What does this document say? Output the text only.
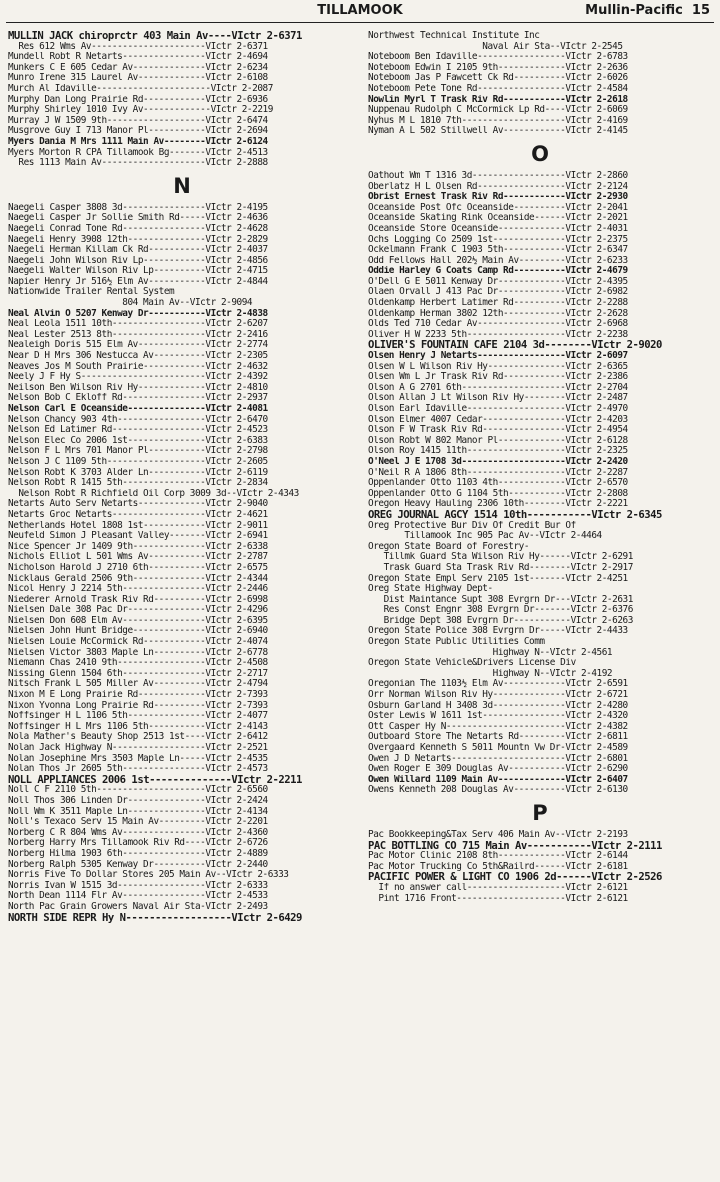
TILLAMOOK	Mullin-Pacific 15
MULLIN JACK chiroprctr 403 Main Av----VIctr 2-6371
Res 612 Wms Av----------------------VIctr 2-6371
Mundell Robt R Netarts----------------VIctr 2-4694
Munkers C E 605 Cedar Av--------------VIctr 2-6234
Munro Irene 315 Laurel Av-------------VIctr 2-6108
Murch Al Idaville----------------------VIctr 2-2087
Murphy Dan Long Prairie Rd------------VIctr 2-6936
Murphy Shirley 1010 Ivy Av-------------VIctr 2-2219
Murray J W 1509 9th-------------------VIctr 2-6474
Musgrove Guy I 713 Manor Pl-----------VIctr 2-2694
Myers Dania M Mrs 1111 Main Av--------VIctr 2-6124
Myers Morton R CPA Tillamook Bg-------VIctr 2-4513
Res 1113 Main Av--------------------VIctr 2-2888
N
Naegeli Casper 3808 3d----------------VIctr 2-4195
Naegeli Casper Jr Sollie Smith Rd-----VIctr 2-4636
Naegeli Conrad Tone Rd----------------VIctr 2-4628
Naegeli Henry 3908 12th---------------VIctr 2-2829
Naegeli Herman Killam Ck Rd-----------VIctr 2-4037
Naegeli John Wilson Riv Lp------------VIctr 2-4856
Naegeli Walter Wilson Riv Lp----------VIctr 2-4715
Napier Henry Jr 516½ Elm Av-----------VIctr 2-4844
Nationwide Trailer Rental System
804 Main Av--VIctr 2-9094
Neal Alvin O 5207 Kenway Dr-----------VIctr 2-4838
Neal Leola 1511 10th------------------VIctr 2-6207
Neal Lester 2513 8th------------------VIctr 2-2416
Nealeigh Doris 515 Elm Av-------------VIctr 2-2774
Near D H Mrs 306 Nestucca Av----------VIctr 2-2305
Neaves Jos M South Prairie------------VIctr 2-4632
Neely J F Hy S------------------------VIctr 2-4392
Neilson Ben Wilson Riv Hy-------------VIctr 2-4810
Nelson Bob C Ekloff Rd----------------VIctr 2-2937
Nelson Carl E Oceanside---------------VIctr 2-4081
Nelson Chancy 903 4th-----------------VIctr 2-6470
Nelson Ed Latimer Rd------------------VIctr 2-4523
Nelson Elec Co 2006 1st---------------VIctr 2-6383
Nelson F L Mrs 701 Manor Pl-----------VIctr 2-2798
Nelson J C 1109 5th-------------------VIctr 2-2605
Nelson Robt K 3703 Alder Ln-----------VIctr 2-6119
Nelson Robt R 1415 5th----------------VIctr 2-2834
Nelson Robt R Richfield Oil Corp 3009 3d--VIctr 2-4343
Netarts Auto Serv Netarts-------------VIctr 2-9040
Netarts Groc Netarts------------------VIctr 2-4621
Netherlands Hotel 1808 1st------------VIctr 2-9011
Neufeld Simon J Pleasant Valley-------VIctr 2-6941
Nice Spencer Jr 1409 9th--------------VIctr 2-6338
Nichols Elliot L 501 Wms Av-----------VIctr 2-2787
Nicholson Harold J 2710 6th-----------VIctr 2-6575
Nicklaus Gerald 2506 9th--------------VIctr 2-4344
Nicol Henry J 2214 5th----------------VIctr 2-2446
Niederer Arnold Trask Riv Rd----------VIctr 2-6998
Nielsen Dale 308 Pac Dr---------------VIctr 2-4296
Nielsen Don 608 Elm Av----------------VIctr 2-6395
Nielsen John Hunt Bridge--------------VIctr 2-6940
Nielsen Louie McCormick Rd------------VIctr 2-4074
Nielsen Victor 3803 Maple Ln----------VIctr 2-6778
Niemann Chas 2410 9th-----------------VIctr 2-4508
Nissing Glenn 1504 6th----------------VIctr 2-2717
Nitsch Frank L 505 Miller Av----------VIctr 2-4794
Nixon M E Long Prairie Rd-------------VIctr 2-7393
Nixon Yvonna Long Prairie Rd----------VIctr 2-7393
Noffsinger H L 1106 5th---------------VIctr 2-4077
Noffsinger H L Mrs 1106 5th-----------VIctr 2-4143
Nola Mather's Beauty Shop 2513 1st----VIctr 2-6412
Nolan Jack Highway N------------------VIctr 2-2521
Nolan Josephine Mrs 3503 Maple Ln-----VIctr 2-4535
Nolan Thos Jr 2605 5th----------------VIctr 2-4573
NOLL APPLIANCES 2006 1st--------------VIctr 2-2211
Noll C F 2110 5th---------------------VIctr 2-6560
Noll Thos 306 Linden Dr---------------VIctr 2-2424
Noll Wm K 3511 Maple Ln---------------VIctr 2-4134
Noll's Texaco Serv 15 Main Av---------VIctr 2-2201
Norberg C R 804 Wms Av----------------VIctr 2-4360
Norberg Harry Mrs Tillamook Riv Rd----VIctr 2-6726
Norberg Hilma 1903 6th----------------VIctr 2-4889
Norberg Ralph 5305 Kenway Dr----------VIctr 2-2440
Norris Five To Dollar Stores 205 Main Av--VIctr 2-6333
Norris Ivan W 1515 3d-----------------VIctr 2-6333
North Dean 1114 Flr Av----------------VIctr 2-4533
North Pac Grain Growers Naval Air Sta-VIctr 2-2493
NORTH SIDE REPR Hy N------------------VIctr 2-6429
Northwest Technical Institute Inc
Naval Air Sta--VIctr 2-2545
Noteboom Ben Idaville-----------------VIctr 2-6783
Noteboom Edwin I 2105 9th-------------VIctr 2-2636
Noteboom Jas P Fawcett Ck Rd----------VIctr 2-6026
Noteboom Pete Tone Rd-----------------VIctr 2-4584
Nowlin Myrl T Trask Riv Rd------------VIctr 2-2618
Nuppenau Rudolph C McCormick Lp Rd----VIctr 2-6069
Nyhus M L 1810 7th--------------------VIctr 2-4169
Nyman A L 502 Stillwell Av------------VIctr 2-4145
O
Oathout Wm T 1316 3d------------------VIctr 2-2860
Oberlatz H L Olsen Rd-----------------VIctr 2-2124
Obrist Ernest Trask Riv Rd------------VIctr 2-2930
Oceanside Post Ofc Oceanside----------VIctr 2-2041
Oceanside Skating Rink Oceanside------VIctr 2-2021
Oceanside Store Oceanside-------------VIctr 2-4031
Ochs Logging Co 2509 1st--------------VIctr 2-2375
Ockelmann Frank C 1903 5th------------VIctr 2-6347
Odd Fellows Hall 202½ Main Av---------VIctr 2-6233
Oddie Harley G Coats Camp Rd----------VIctr 2-4679
O'Dell G E 5011 Kenway Dr-------------VIctr 2-4395
Olaen Orvall J 413 Pac Dr-------------VIctr 2-6982
Oldenkamp Herbert Latimer Rd----------VIctr 2-2288
Oldenkamp Herman 3802 12th------------VIctr 2-2628
Olds Ted 710 Cedar Av-----------------VIctr 2-6968
Oliver H W 2233 5th-------------------VIctr 2-2238
OLIVER'S FOUNTAIN CAFE 2104 3d--------VIctr 2-9020
Olsen Henry J Netarts-----------------VIctr 2-6097
Olsen W L Wilson Riv Hy---------------VIctr 2-6365
Olsen Wm L Jr Trask Riv Rd------------VIctr 2-2386
Olson A G 2701 6th--------------------VIctr 2-2704
Olson Allan J Lt Wilson Riv Hy--------VIctr 2-2487
Olson Earl Idaville-------------------VIctr 2-4970
Olson Elmer 4007 Cedar----------------VIctr 2-4203
Olson F W Trask Riv Rd----------------VIctr 2-4954
Olson Robt W 802 Manor Pl-------------VIctr 2-6128
Olson Roy 1415 11th-------------------VIctr 2-2325
O'Neel J E 1708 3d--------------------VIctr 2-2420
O'Neil R A 1806 8th-------------------VIctr 2-2287
Oppenlander Otto 1103 4th-------------VIctr 2-6570
Oppenlander Otto G 1104 5th-----------VIctr 2-2808
Oregon Heavy Hauling 2306 10th--------VIctr 2-2221
OREG JOURNAL AGCY 1514 10th-----------VIctr 2-6345
Oreg Protective Bur Div Of Credit Bur Of
Tillamook Inc 905 Pac Av--VIctr 2-4464
Oregon State Board of Forestry-
Tillmk Guard Sta Wilson Riv Hy------VIctr 2-6291
Trask Guard Sta Trask Riv Rd--------VIctr 2-2917
Oregon State Empl Serv 2105 1st-------VIctr 2-4251
Oreg State Highway Dept-
Dist Maintance Supt 308 Evrgrn Dr---VIctr 2-2631
Res Const Engnr 308 Evrgrn Dr-------VIctr 2-6376
Bridge Dept 308 Evrgrn Dr-----------VIctr 2-6263
Oregon State Police 308 Evrgrn Dr-----VIctr 2-4433
Oregon State Public Utilities Comm
Highway N--VIctr 2-4561
Oregon State Vehicle&Drivers License Div
Highway N--VIctr 2-4192
Oregonian The 1103½ Elm Av------------VIctr 2-6591
Orr Norman Wilson Riv Hy--------------VIctr 2-6721
Osburn Garland H 3408 3d--------------VIctr 2-4280
Oster Lewis W 1611 1st----------------VIctr 2-4320
Ott Casper Hy N-----------------------VIctr 2-4382
Outboard Store The Netarts Rd---------VIctr 2-6811
Overgaard Kenneth S 5011 Mountn Vw Dr-VIctr 2-4589
Owen J D Netarts----------------------VIctr 2-6801
Owen Roger E 309 Douglas Av-----------VIctr 2-6290
Owen Willard 1109 Main Av-------------VIctr 2-6407
Owens Kenneth 208 Douglas Av----------VIctr 2-6130
P
Pac Bookkeeping&Tax Serv 406 Main Av--VIctr 2-2193
PAC BOTTLING CO 715 Main Av-----------VIctr 2-2111
Pac Motor Clinic 2108 8th-------------VIctr 2-6144
Pac Motor Trucking Co 5th&Railrd------VIctr 2-6181
PACIFIC POWER & LIGHT CO 1906 2d------VIctr 2-2526
If no answer call-------------------VIctr 2-6121
Pint 1716 Front---------------------VIctr 2-6121
